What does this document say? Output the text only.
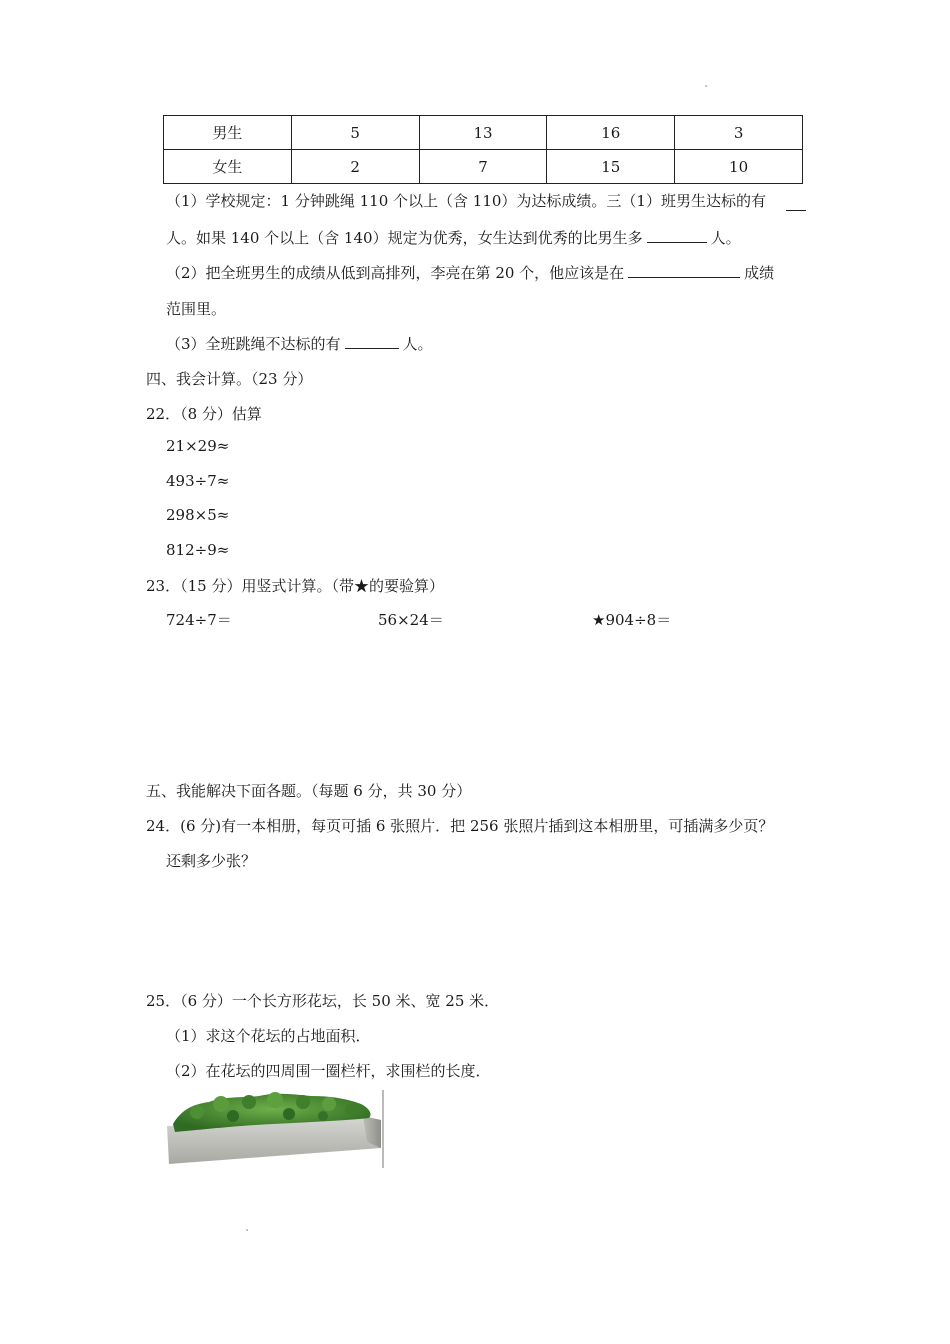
˛
男生	5	13	16	3
女生	2	7	15	10
（1）学校规定：1 分钟跳绳 110 个以上（含 110）为达标成绩。三（1）班男生达标的有
人。如果 140 个以上（含 140）规定为优秀，女生达到优秀的比男生多	人。
（2）把全班男生的成绩从低到高排列，李亮在第 20 个，他应该是在	成绩
范围里。
（3）全班跳绳不达标的有	人。
四、我会计算。（23 分）
22．（8 分）估算
21×29≈
493÷7≈
298×5≈
812÷9≈
23．（15 分）用竖式计算。（带★的要验算）
724÷7＝	56×24＝	★904÷8＝
五、我能解决下面各题。（每题 6 分，共 30 分）
24．(6 分)有一本相册，每页可插 6 张照片．把 256 张照片插到这本相册里，可插满多少页？
还剩多少张？
25．（6 分）一个长方形花坛，长 50 米、宽 25 米．
（1）求这个花坛的占地面积．
（2）在花坛的四周围一圈栏杆，求围栏的长度．
˛
